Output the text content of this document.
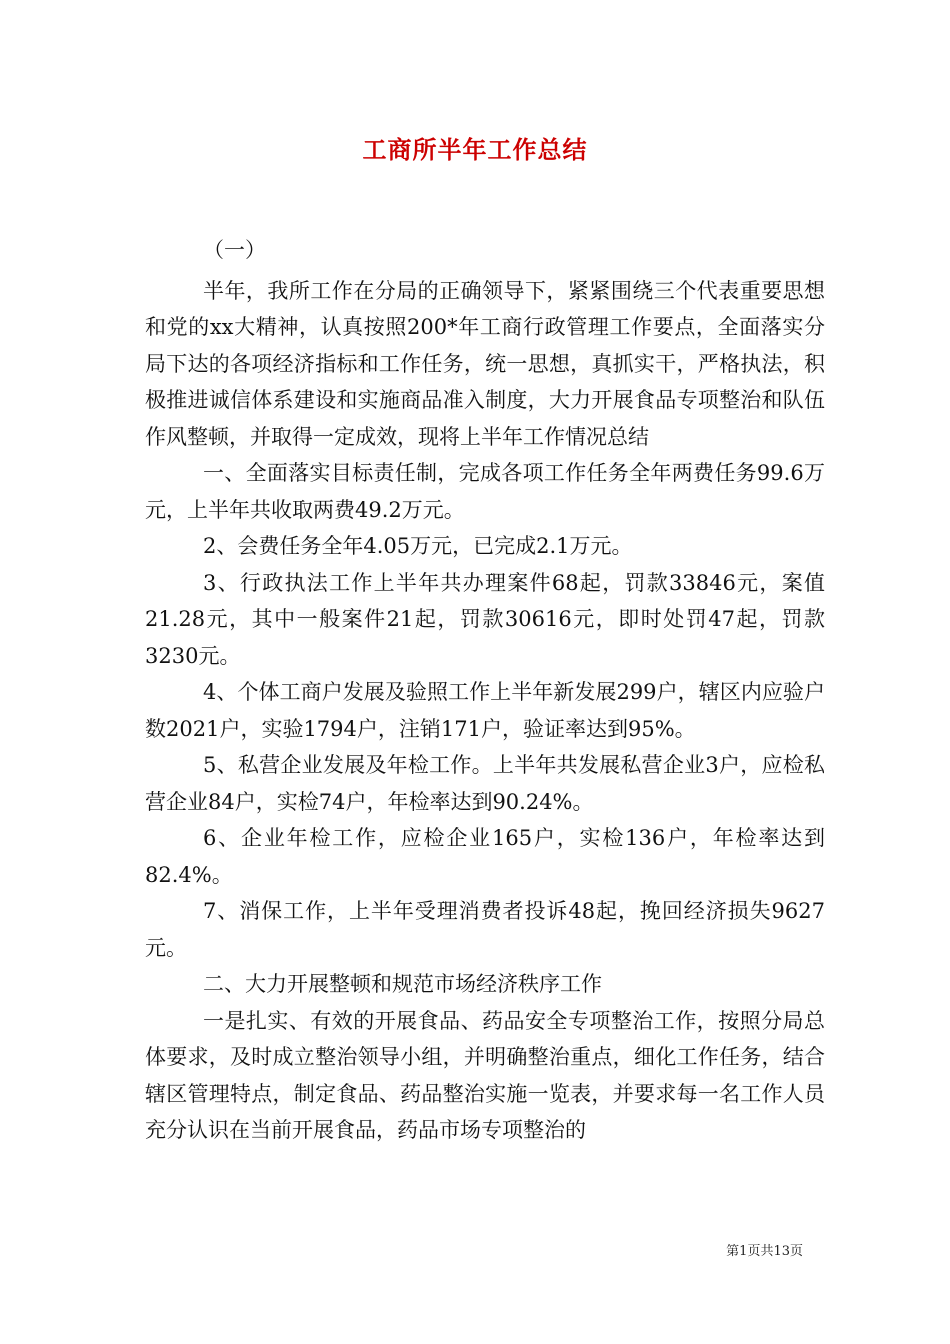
工商所半年工作总结

（一）

半年，我所工作在分局的正确领导下，紧紧围绕三个代表重要思想和党的xx大精神，认真按照200*年工商行政管理工作要点，全面落实分局下达的各项经济指标和工作任务，统一思想，真抓实干，严格执法，积极推进诚信体系建设和实施商品准入制度，大力开展食品专项整治和队伍作风整顿，并取得一定成效，现将上半年工作情况总结

一、全面落实目标责任制，完成各项工作任务全年两费任务99.6万元，上半年共收取两费49.2万元。

2、会费任务全年4.05万元，已完成2.1万元。

3、行政执法工作上半年共办理案件68起，罚款33846元，案值21.28元，其中一般案件21起，罚款30616元，即时处罚47起，罚款3230元。

4、个体工商户发展及验照工作上半年新发展299户，辖区内应验户数2021户，实验1794户，注销171户，验证率达到95%。

5、私营企业发展及年检工作。上半年共发展私营企业3户，应检私营企业84户，实检74户，年检率达到90.24%。

6、企业年检工作，应检企业165户，实检136户，年检率达到82.4%。

7、消保工作，上半年受理消费者投诉48起，挽回经济损失9627元。

二、大力开展整顿和规范市场经济秩序工作

一是扎实、有效的开展食品、药品安全专项整治工作，按照分局总体要求，及时成立整治领导小组，并明确整治重点，细化工作任务，结合辖区管理特点，制定食品、药品整治实施一览表，并要求每一名工作人员充分认识在当前开展食品，药品市场专项整治的

第1页共13页
